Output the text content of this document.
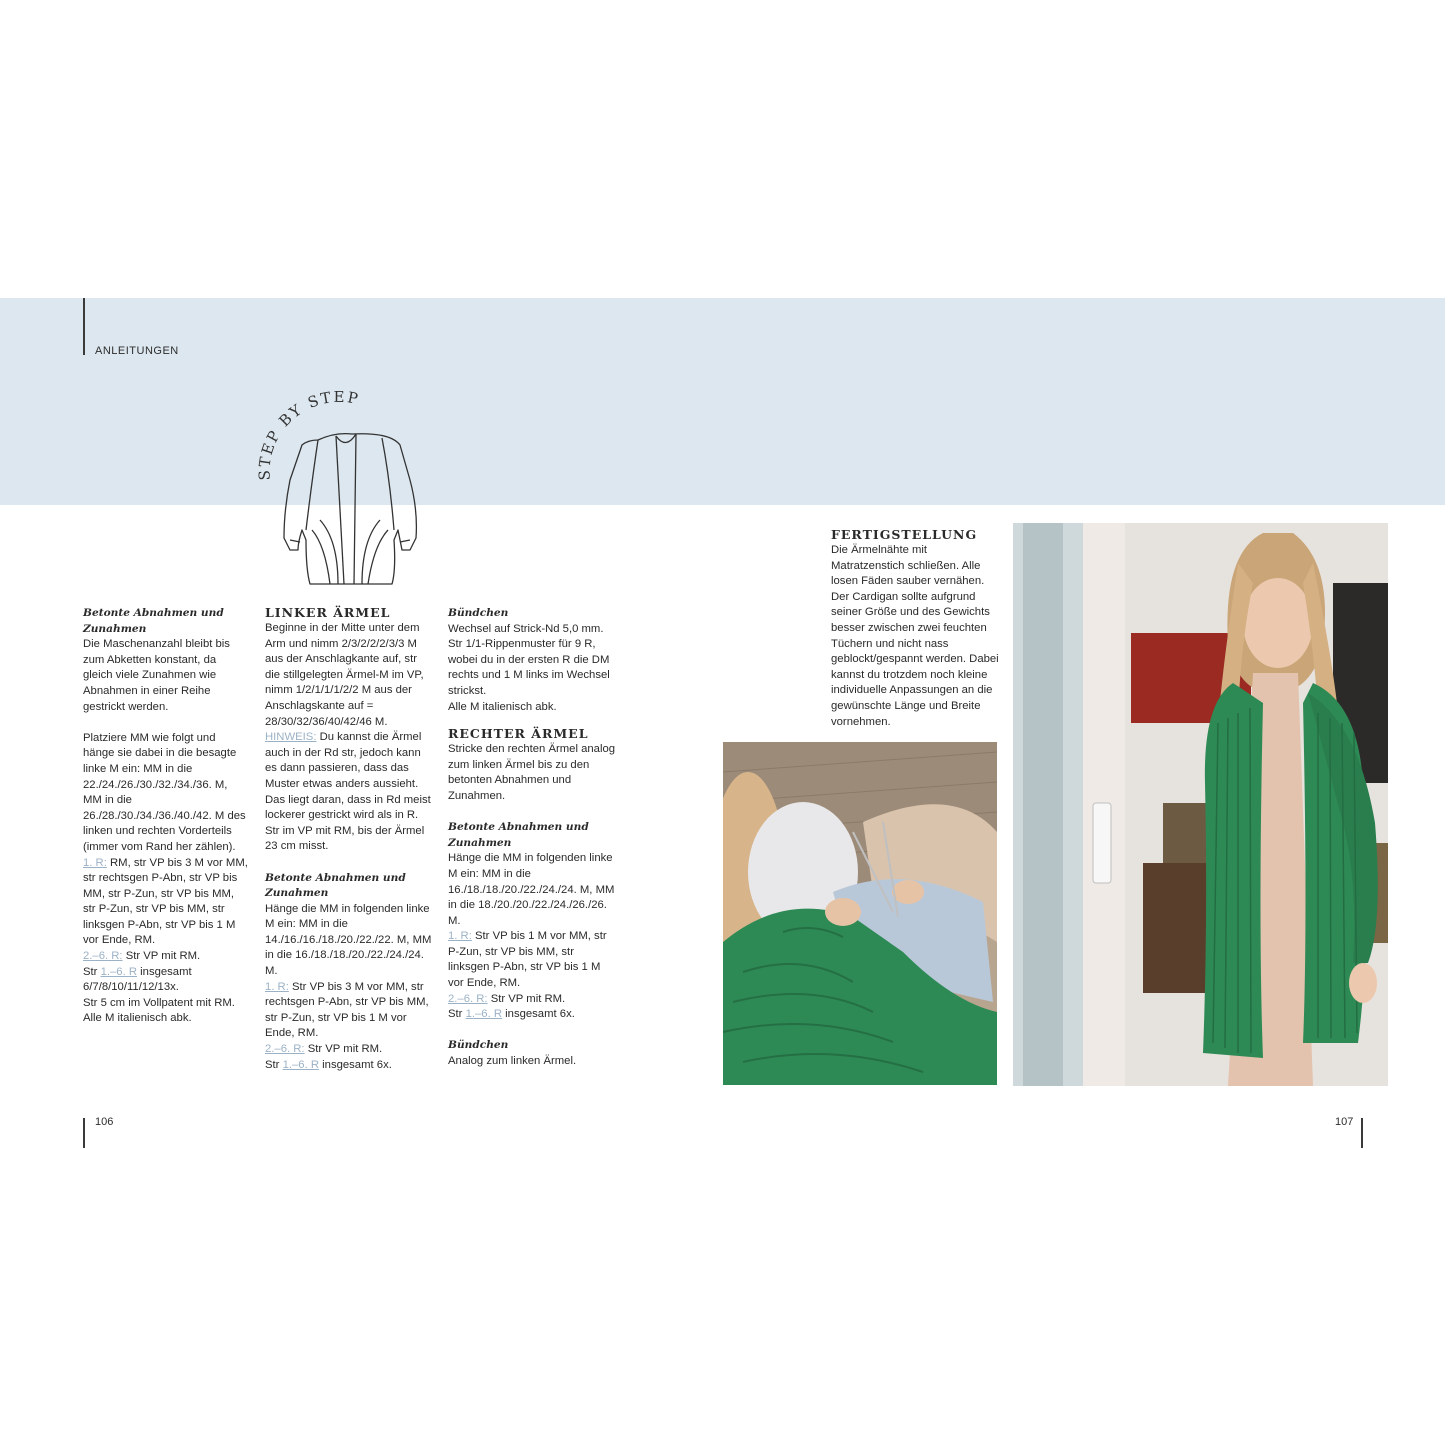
ANLEITUNGEN
STEP BY STEP

Betonte Abnahmen und Zunahmen

Die Maschenanzahl bleibt bis zum Abketten konstant, da gleich viele Zunahmen wie Abnahmen in einer Reihe gestrickt werden.

Platziere MM wie folgt und hänge sie dabei in die besagte linke M ein: MM in die 22./24./26./30./32./34./36. M, MM in die 26./28./30./34./36./40./42. M des linken und rechten Vorderteils (immer vom Rand her zählen).

1. R: RM, str VP bis 3 M vor MM, str rechtsgen P-Abn, str VP bis MM, str P-Zun, str VP bis MM, str P-Zun, str VP bis MM, str linksgen P-Abn, str VP bis 1 M vor Ende, RM.

2.–6. R: Str VP mit RM.

Str 1.–6. R insgesamt 6/7/8/10/11/12/13x.

Str 5 cm im Vollpatent mit RM.

Alle M italienisch abk.

LINKER ÄRMEL

Beginne in der Mitte unter dem Arm und nimm 2/3/2/2/2/3/3 M aus der Anschlagkante auf, str die stillgelegten Ärmel-M im VP, nimm 1/2/1/1/1/2/2 M aus der Anschlagskante auf = 28/30/32/36/40/42/46 M.

HINWEIS: Du kannst die Ärmel auch in der Rd str, jedoch kann es dann passieren, dass das Muster etwas anders aussieht. Das liegt daran, dass in Rd meist lockerer gestrickt wird als in R.

Str im VP mit RM, bis der Ärmel 23 cm misst.

Betonte Abnahmen und Zunahmen

Hänge die MM in folgenden linke M ein: MM in die 14./16./16./18./20./22./22. M, MM in die 16./18./18./20./22./24./24. M.

1. R: Str VP bis 3 M vor MM, str rechtsgen P-Abn, str VP bis MM, str P-Zun, str VP bis 1 M vor Ende, RM.

2.–6. R: Str VP mit RM.

Str 1.–6. R insgesamt 6x.

Bündchen

Wechsel auf Strick-Nd 5,0 mm.

Str 1/1-Rippenmuster für 9 R, wobei du in der ersten R die DM rechts und 1 M links im Wechsel strickst.

Alle M italienisch abk.

RECHTER ÄRMEL

Stricke den rechten Ärmel analog zum linken Ärmel bis zu den betonten Abnahmen und Zunahmen.

Betonte Abnahmen und Zunahmen

Hänge die MM in folgenden linke M ein: MM in die 16./18./18./20./22./24./24. M, MM in die 18./20./20./22./24./26./26. M.

1. R: Str VP bis 1 M vor MM, str P-Zun, str VP bis MM, str linksgen P-Abn, str VP bis 1 M vor Ende, RM.

2.–6. R: Str VP mit RM.

Str 1.–6. R insgesamt 6x.

Bündchen

Analog zum linken Ärmel.

FERTIGSTELLUNG

Die Ärmelnähte mit Matratzenstich schließen. Alle losen Fäden sauber vernähen. Der Cardigan sollte aufgrund seiner Größe und des Gewichts besser zwischen zwei feuchten Tüchern und nicht nass geblockt/gespannt werden. Dabei kannst du trotzdem noch kleine individuelle Anpassungen an die gewünschte Länge und Breite vornehmen.

106	107
